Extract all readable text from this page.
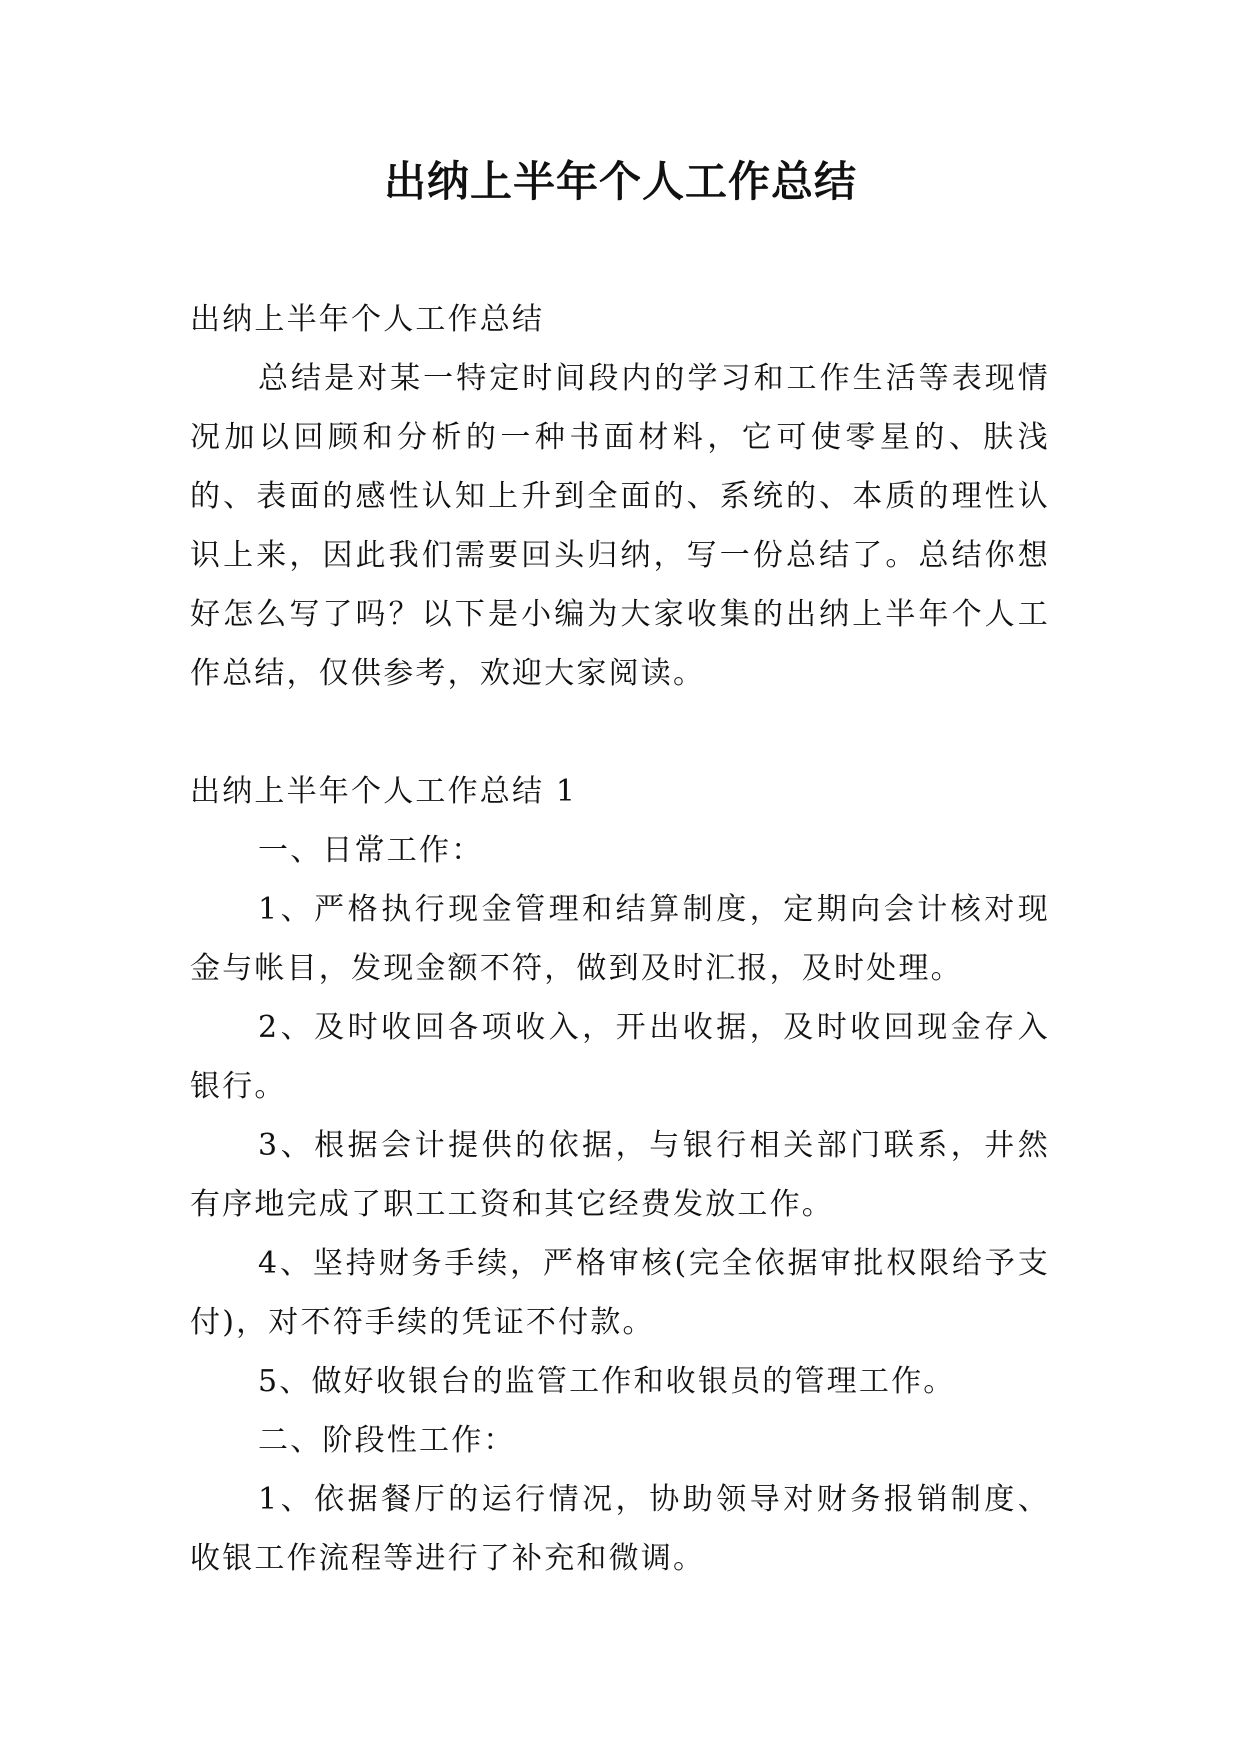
出纳上半年个人工作总结

出纳上半年个人工作总结

总结是对某一特定时间段内的学习和工作生活等表现情况加以回顾和分析的一种书面材料，它可使零星的、肤浅的、表面的感性认知上升到全面的、系统的、本质的理性认识上来，因此我们需要回头归纳，写一份总结了。总结你想好怎么写了吗？以下是小编为大家收集的出纳上半年个人工作总结，仅供参考，欢迎大家阅读。

出纳上半年个人工作总结 1

一、日常工作：

1、严格执行现金管理和结算制度，定期向会计核对现金与帐目，发现金额不符，做到及时汇报，及时处理。

2、及时收回各项收入，开出收据，及时收回现金存入银行。

3、根据会计提供的依据，与银行相关部门联系，井然有序地完成了职工工资和其它经费发放工作。

4、坚持财务手续，严格审核(完全依据审批权限给予支付)，对不符手续的凭证不付款。

5、做好收银台的监管工作和收银员的管理工作。

二、阶段性工作：

1、依据餐厅的运行情况，协助领导对财务报销制度、收银工作流程等进行了补充和微调。
